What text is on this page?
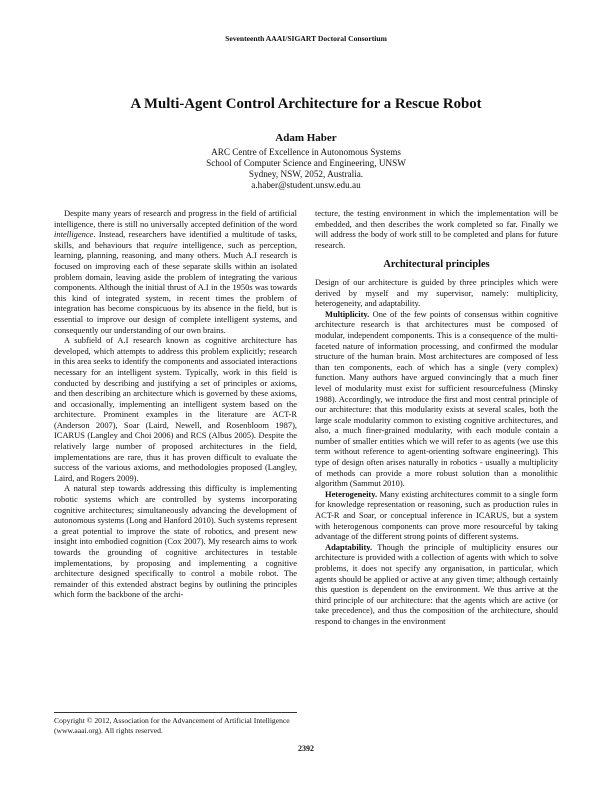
Seventeenth AAAI/SIGART Doctoral Consortium
A Multi-Agent Control Architecture for a Rescue Robot
Adam Haber
ARC Centre of Excellence in Autonomous Systems
School of Computer Science and Engineering, UNSW
Sydney, NSW, 2052, Australia.
a.haber@student.unsw.edu.au

Despite many years of research and progress in the field of artificial intelligence, there is still no universally accepted definition of the word intelligence. Instead, researchers have identified a multitude of tasks, skills, and behaviours that require intelligence, such as perception, learning, planning, reasoning, and many others. Much A.I research is focused on improving each of these separate skills within an isolated problem domain, leaving aside the problem of integrating the various components. Although the initial thrust of A.I in the 1950s was towards this kind of integrated system, in recent times the problem of integration has become conspicuous by its absence in the field, but is essential to improve our design of complete intelligent systems, and consequently our understanding of our own brains.

A subfield of A.I research known as cognitive architecture has developed, which attempts to address this problem explicitly; research in this area seeks to identify the components and associated interactions necessary for an intelligent system. Typically, work in this field is conducted by describing and justifying a set of principles or axioms, and then describing an architecture which is governed by these axioms, and occasionally, implementing an intelligent system based on the architecture. Prominent examples in the literature are ACT-R (Anderson 2007), Soar (Laird, Newell, and Rosenbloom 1987), ICARUS (Langley and Choi 2006) and RCS (Albus 2005). Despite the relatively large number of proposed architectures in the field, implementations are rare, thus it has proven difficult to evaluate the success of the various axioms, and methodologies proposed (Langley, Laird, and Rogers 2009).

A natural step towards addressing this difficulty is implementing robotic systems which are controlled by systems incorporating cognitive architectures; simultaneously advancing the development of autonomous systems (Long and Hanford 2010). Such systems represent a great potential to improve the state of robotics, and present new insight into embodied cognition (Cox 2007). My research aims to work towards the grounding of cognitive architectures in testable implementations, by proposing and implementing a cognitive architecture designed specifically to control a mobile robot. The remainder of this extended abstract begins by outlining the principles which form the backbone of the archi-

Copyright © 2012, Association for the Advancement of Artificial Intelligence (www.aaai.org). All rights reserved.

tecture, the testing environment in which the implementation will be embedded, and then describes the work completed so far. Finally we will address the body of work still to be completed and plans for future research.

Architectural principles

Design of our architecture is guided by three principles which were derived by myself and my supervisor, namely: multiplicity, heterogeneity, and adaptability.

Multiplicity. One of the few points of consensus within cognitive architecture research is that architectures must be composed of modular, independent components. This is a consequence of the multi-faceted nature of information processing, and confirmed the modular structure of the human brain. Most architectures are composed of less than ten components, each of which has a single (very complex) function. Many authors have argued convincingly that a much finer level of modularity must exist for sufficient resourcefulness (Minsky 1988). Accordingly, we introduce the first and most central principle of our architecture: that this modularity exists at several scales, both the large scale modularity common to existing cognitive architectures, and also, a much finer-grained modularity, with each module contain a number of smaller entities which we will refer to as agents (we use this term without reference to agent-orienting software engineering). This type of design often arises naturally in robotics - usually a multiplicity of methods can provide a more robust solution than a monolithic algorithm (Sammut 2010).

Heterogeneity. Many existing architectures commit to a single form for knowledge representation or reasoning, such as production rules in ACT-R and Soar, or conceptual inference in ICARUS, but a system with heterogenous components can prove more resourceful by taking advantage of the different strong points of different systems.

Adaptability. Though the principle of multiplicity ensures our architecture is provided with a collection of agents with which to solve problems, it does not specify any organisation, in particular, which agents should be applied or active at any given time; although certainly this question is dependent on the environment. We thus arrive at the third principle of our architecture: that the agents which are active (or take precedence), and thus the composition of the architecture, should respond to changes in the environment

2392
